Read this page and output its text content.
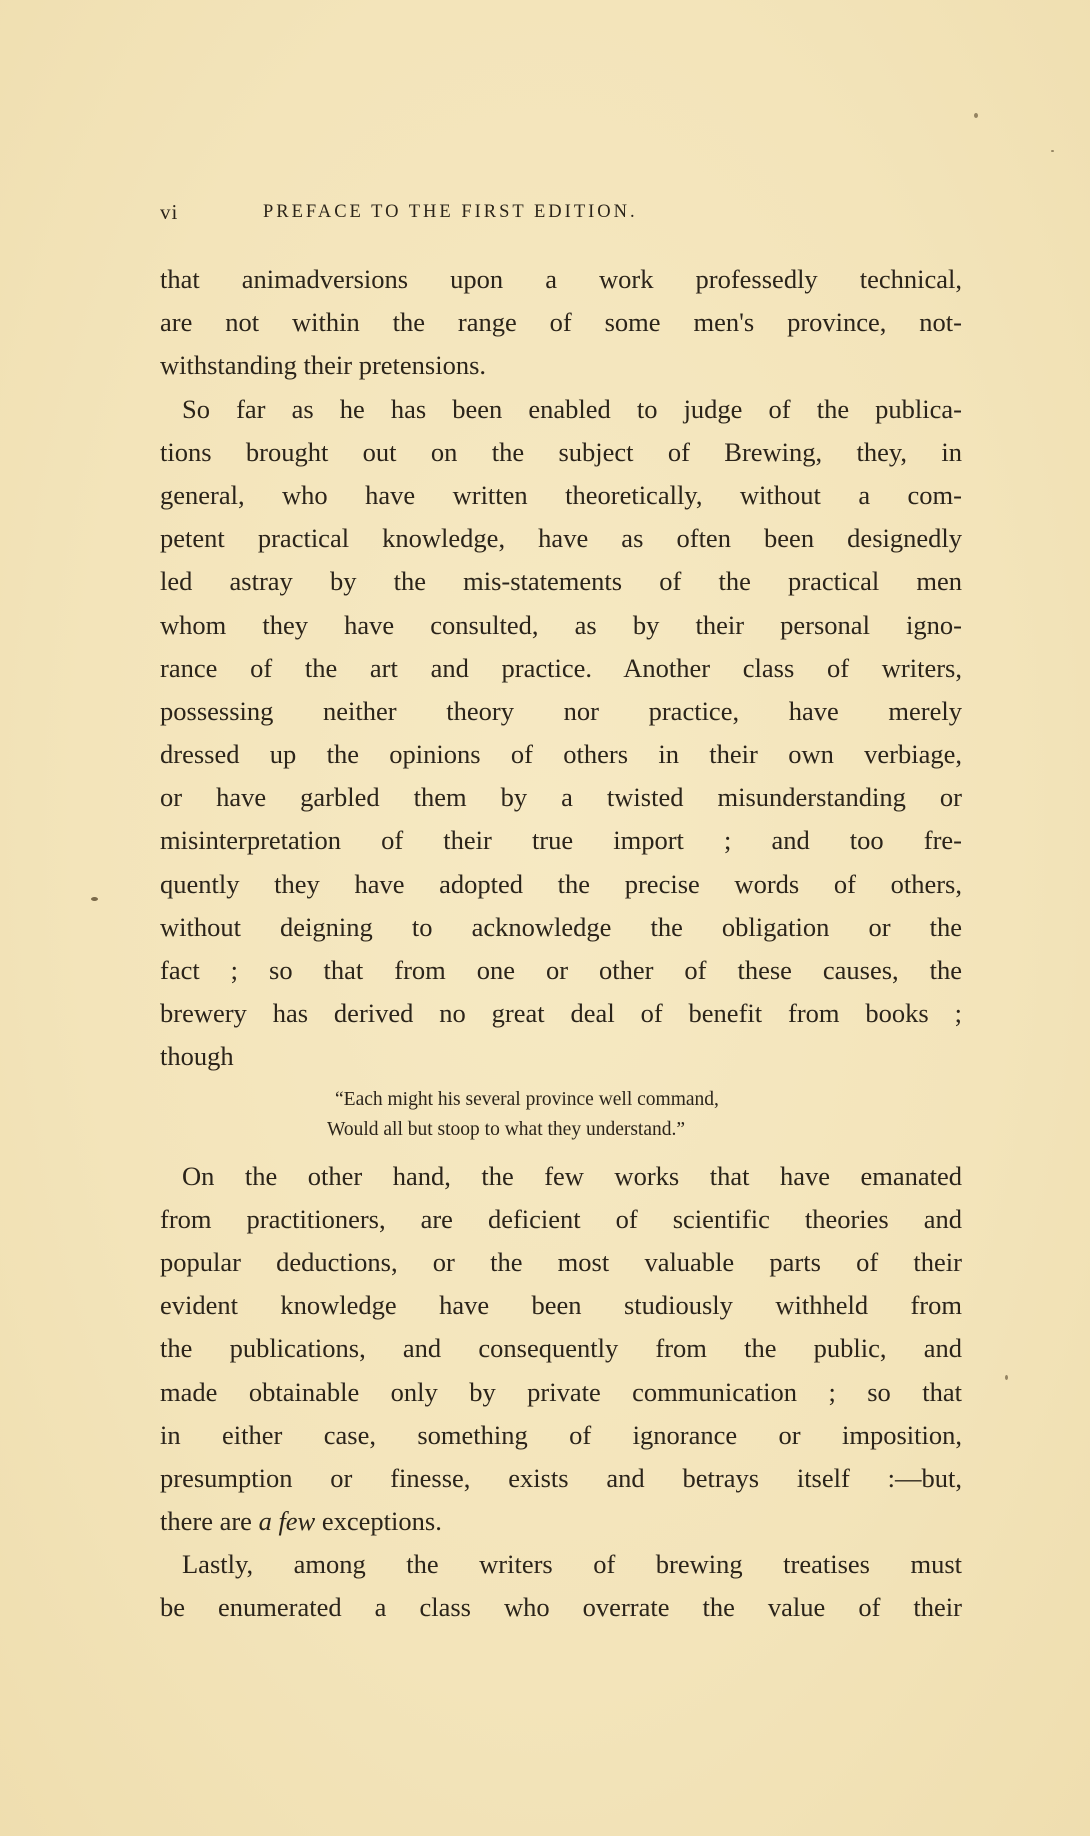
vi	PREFACE TO THE FIRST EDITION.

that animadversions upon a work professedly technical,
are not within the range of some men's province, not-
withstanding their pretensions.

So far as he has been enabled to judge of the publica-
tions brought out on the subject of Brewing, they, in
general, who have written theoretically, without a com-
petent practical knowledge, have as often been designedly
led astray by the mis-statements of the practical men
whom they have consulted, as by their personal igno-
rance of the art and practice. Another class of writers,
possessing neither theory nor practice, have merely
dressed up the opinions of others in their own verbiage,
or have garbled them by a twisted misunderstanding or
misinterpretation of their true import ; and too fre-
quently they have adopted the precise words of others,
without deigning to acknowledge the obligation or the
fact ; so that from one or other of these causes, the
brewery has derived no great deal of benefit from books ;
though

“Each might his several province well command,
Would all but stoop to what they understand.”

On the other hand, the few works that have emanated
from practitioners, are deficient of scientific theories and
popular deductions, or the most valuable parts of their
evident knowledge have been studiously withheld from
the publications, and consequently from the public, and
made obtainable only by private communication ; so that
in either case, something of ignorance or imposition,
presumption or finesse, exists and betrays itself :—but,
there are a few exceptions.

Lastly, among the writers of brewing treatises must
be enumerated a class who overrate the value of their
